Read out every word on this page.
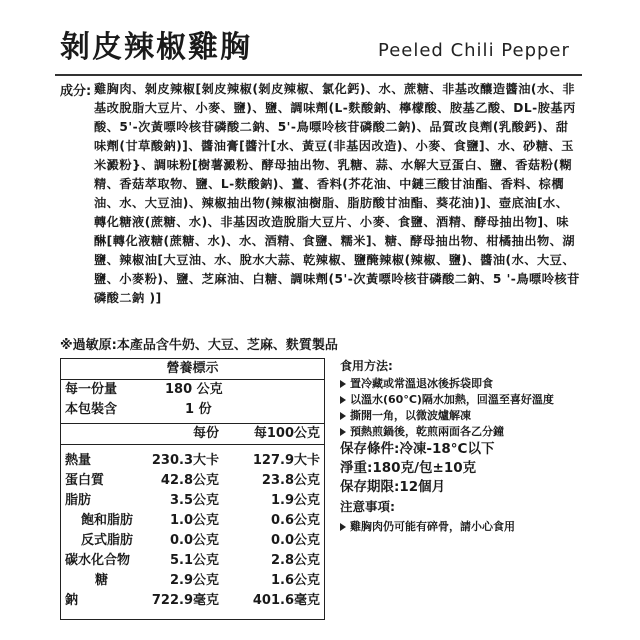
剝皮辣椒雞胸	Peeled Chili Pepper
成分: 雞胸肉、剝皮辣椒[剝皮辣椒(剝皮辣椒、氯化鈣)、水、蔗糖、非基改釀造醬油(水、非基改脫脂大豆片、小麥、鹽)、鹽、調味劑(L-麩酸鈉、檸檬酸、胺基乙酸、DL-胺基丙酸、5'-次黃嘌呤核苷磷酸二鈉、5'-鳥嘌呤核苷磷酸二鈉)、品質改良劑(乳酸鈣)、甜味劑(甘草酸鈉)]、醬油膏[醬汁[水、黃豆(非基因改造)、小麥、食鹽]、水、砂糖、玉米澱粉}、調味粉[樹薯澱粉、酵母抽出物、乳糖、蒜、水解大豆蛋白、鹽、香菇粉(糊精、香菇萃取物、鹽、L-麩酸鈉)、薑、香料(芥花油、中鏈三酸甘油酯、香料、棕櫚油、水、大豆油)、辣椒抽出物(辣椒油樹脂、脂肪酸甘油酯、葵花油)]、壺底油[水、轉化糖液(蔗糖、水)、非基因改造脫脂大豆片、小麥、食鹽、酒精、酵母抽出物]、味醂[轉化液糖(蔗糖、水)、水、酒精、食鹽、糯米]、糖、酵母抽出物、柑橘抽出物、湖鹽、辣椒油[大豆油、水、脫水大蒜、乾辣椒、鹽醃辣椒(辣椒、鹽)、醬油(水、大豆、鹽、小麥粉)、鹽、芝麻油、白糖、調味劑(5'-次黃嘌呤核苷磷酸二鈉、5 '-鳥嘌呤核苷磷酸二鈉 )]
※過敏原:本產品含牛奶、大豆、芝麻、麩質製品
營養標示
每一份量	180 公克
本包裝含	1 份
每份	每100公克
熱量	230.3大卡	127.9大卡
蛋白質	42.8公克	23.8公克
脂肪	3.5公克	1.9公克
飽和脂肪	1.0公克	0.6公克
反式脂肪	0.0公克	0.0公克
碳水化合物	5.1公克	2.8公克
糖	2.9公克	1.6公克
鈉	722.9毫克	401.6毫克
食用方法:
置冷藏或常溫退冰後拆袋即食
以溫水(60°C)隔水加熱，回溫至喜好溫度
撕開一角，以微波爐解凍
預熱煎鍋後，乾煎兩面各乙分鐘
保存條件:冷凍-18°C以下
淨重:180克/包±10克
保存期限:12個月
注意事項:
雞胸肉仍可能有碎骨，請小心食用
